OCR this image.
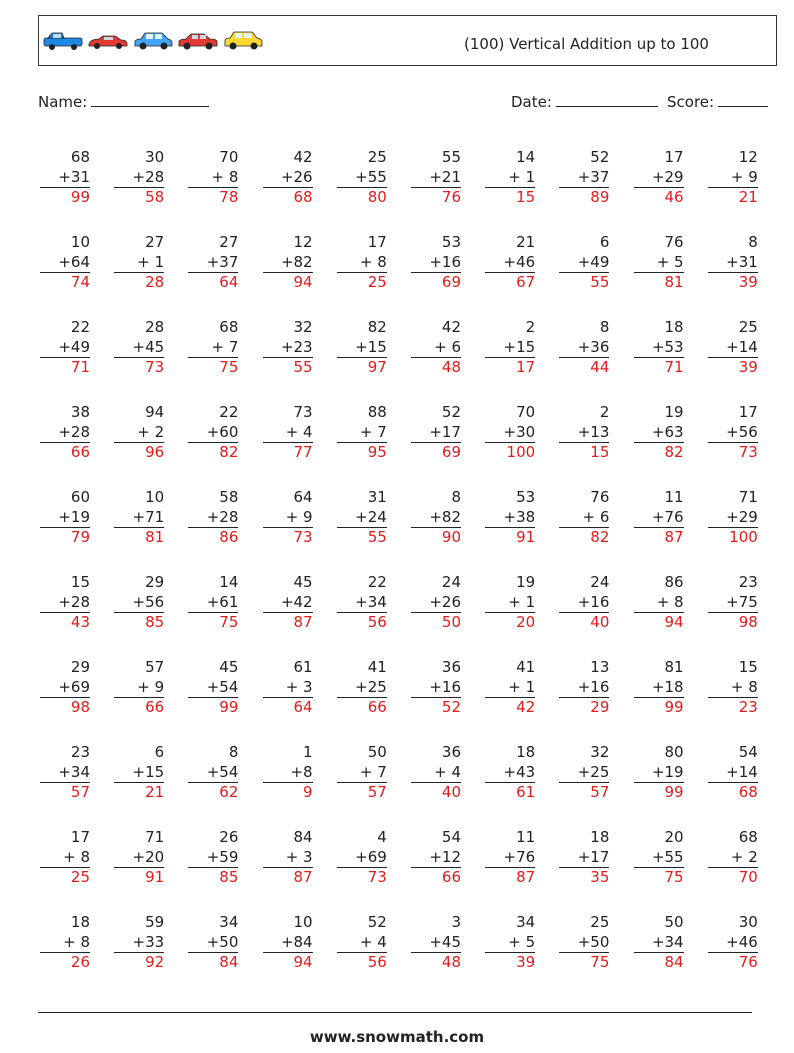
(100) Vertical Addition up to 100
Name:	Date:	Score:
68
+31
99
30
+28
58
70
+ 8
78
42
+26
68
25
+55
80
55
+21
76
14
+ 1
15
52
+37
89
17
+29
46
12
+ 9
21
10
+64
74
27
+ 1
28
27
+37
64
12
+82
94
17
+ 8
25
53
+16
69
21
+46
67
6
+49
55
76
+ 5
81
8
+31
39
22
+49
71
28
+45
73
68
+ 7
75
32
+23
55
82
+15
97
42
+ 6
48
2
+15
17
8
+36
44
18
+53
71
25
+14
39
38
+28
66
94
+ 2
96
22
+60
82
73
+ 4
77
88
+ 7
95
52
+17
69
70
+30
100
2
+13
15
19
+63
82
17
+56
73
60
+19
79
10
+71
81
58
+28
86
64
+ 9
73
31
+24
55
8
+82
90
53
+38
91
76
+ 6
82
11
+76
87
71
+29
100
15
+28
43
29
+56
85
14
+61
75
45
+42
87
22
+34
56
24
+26
50
19
+ 1
20
24
+16
40
86
+ 8
94
23
+75
98
29
+69
98
57
+ 9
66
45
+54
99
61
+ 3
64
41
+25
66
36
+16
52
41
+ 1
42
13
+16
29
81
+18
99
15
+ 8
23
23
+34
57
6
+15
21
8
+54
62
1
+8
9
50
+ 7
57
36
+ 4
40
18
+43
61
32
+25
57
80
+19
99
54
+14
68
17
+ 8
25
71
+20
91
26
+59
85
84
+ 3
87
4
+69
73
54
+12
66
11
+76
87
18
+17
35
20
+55
75
68
+ 2
70
18
+ 8
26
59
+33
92
34
+50
84
10
+84
94
52
+ 4
56
3
+45
48
34
+ 5
39
25
+50
75
50
+34
84
30
+46
76
www.snowmath.com
